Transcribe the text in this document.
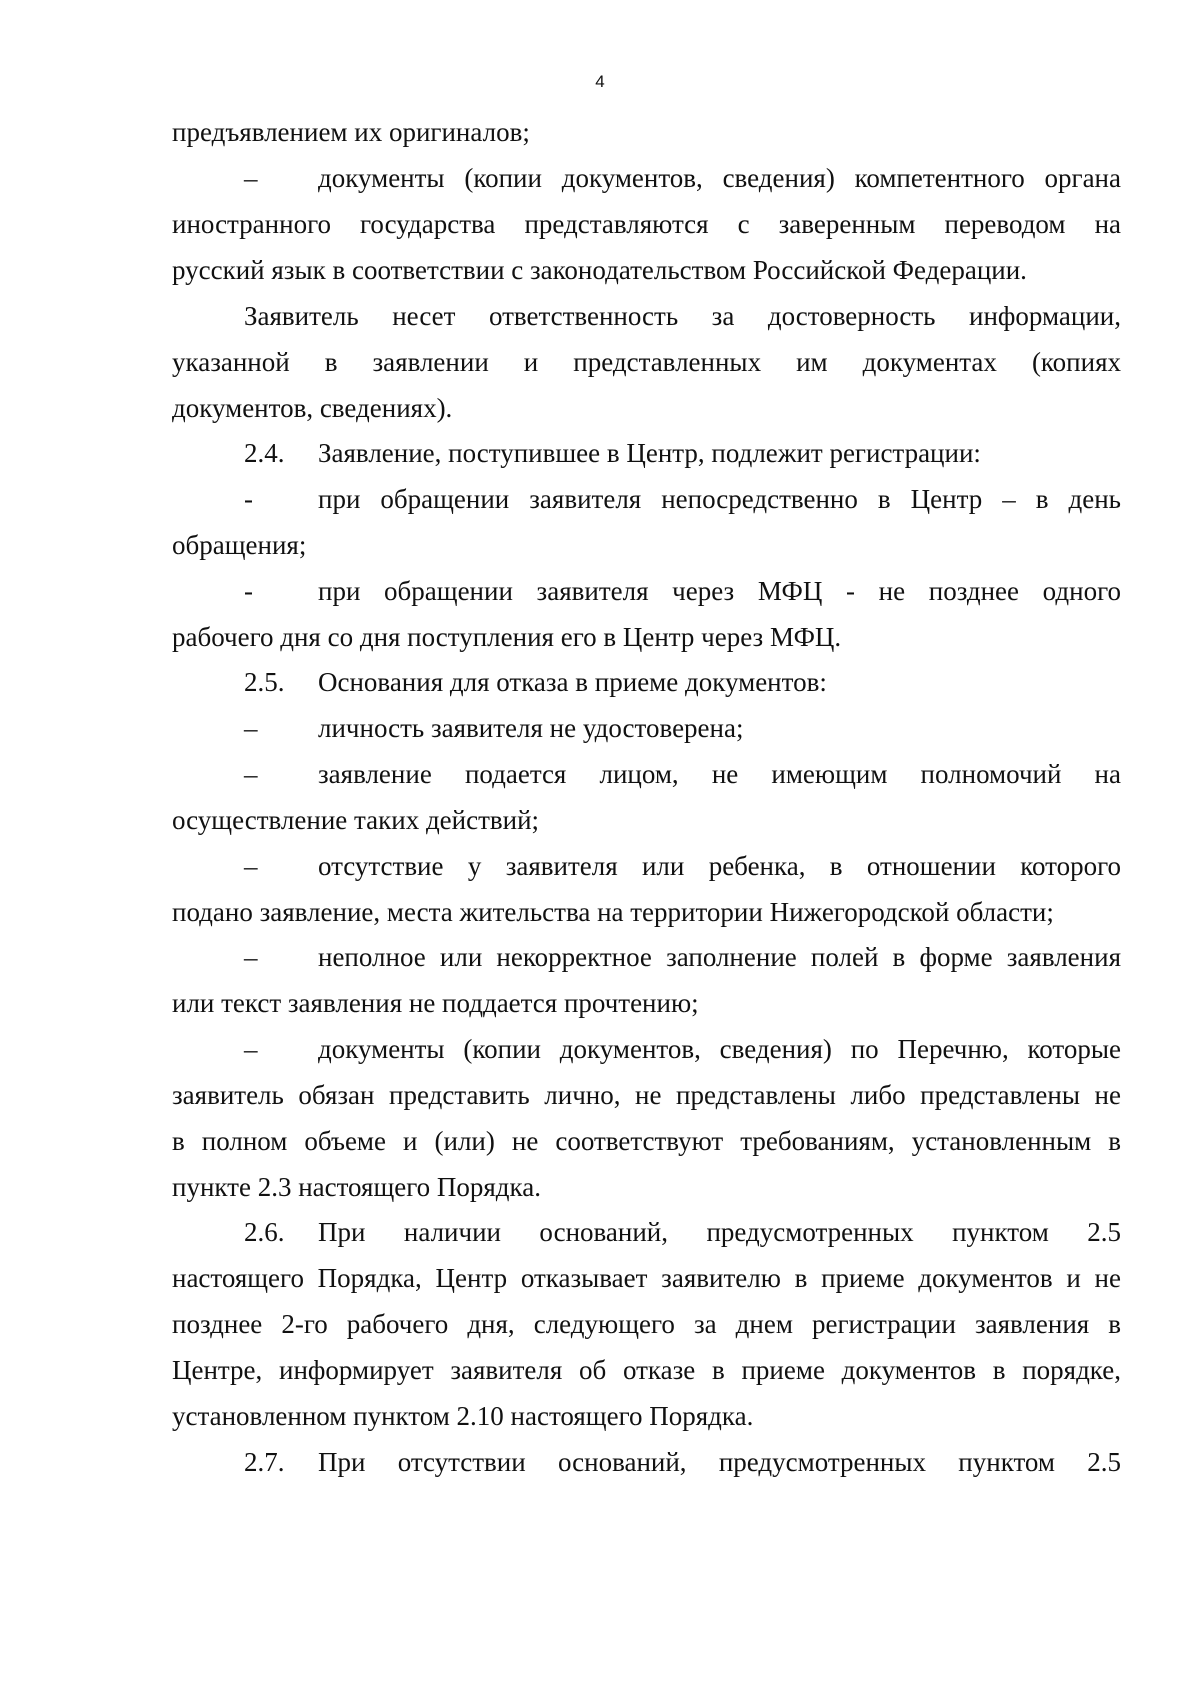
4
предъявлением их оригиналов;
–	документы (копии документов, сведения) компетентного органа
иностранного государства представляются с заверенным переводом на
русский язык в соответствии с законодательством Российской Федерации.
Заявитель несет ответственность за достоверность информации,
указанной в заявлении и представленных им документах (копиях
документов, сведениях).
2.4.	Заявление, поступившее в Центр, подлежит регистрации:
-	при обращении заявителя непосредственно в Центр – в день
обращения;
-	при обращении заявителя через МФЦ - не позднее одного
рабочего дня со дня поступления его в Центр через МФЦ.
2.5.	Основания для отказа в приеме документов:
–	личность заявителя не удостоверена;
–	заявление подается лицом, не имеющим полномочий на
осуществление таких действий;
–	отсутствие у заявителя или ребенка, в отношении которого
подано заявление, места жительства на территории Нижегородской области;
–	неполное или некорректное заполнение полей в форме заявления
или текст заявления не поддается прочтению;
–	документы (копии документов, сведения) по Перечню, которые
заявитель обязан представить лично, не представлены либо представлены не
в полном объеме и (или) не соответствуют требованиям, установленным в
пункте 2.3 настоящего Порядка.
2.6.	При наличии оснований, предусмотренных пунктом 2.5
настоящего Порядка, Центр отказывает заявителю в приеме документов и не
позднее 2-го рабочего дня, следующего за днем регистрации заявления в
Центре, информирует заявителя об отказе в приеме документов в порядке,
установленном пунктом 2.10 настоящего Порядка.
2.7.	При отсутствии оснований, предусмотренных пунктом 2.5
